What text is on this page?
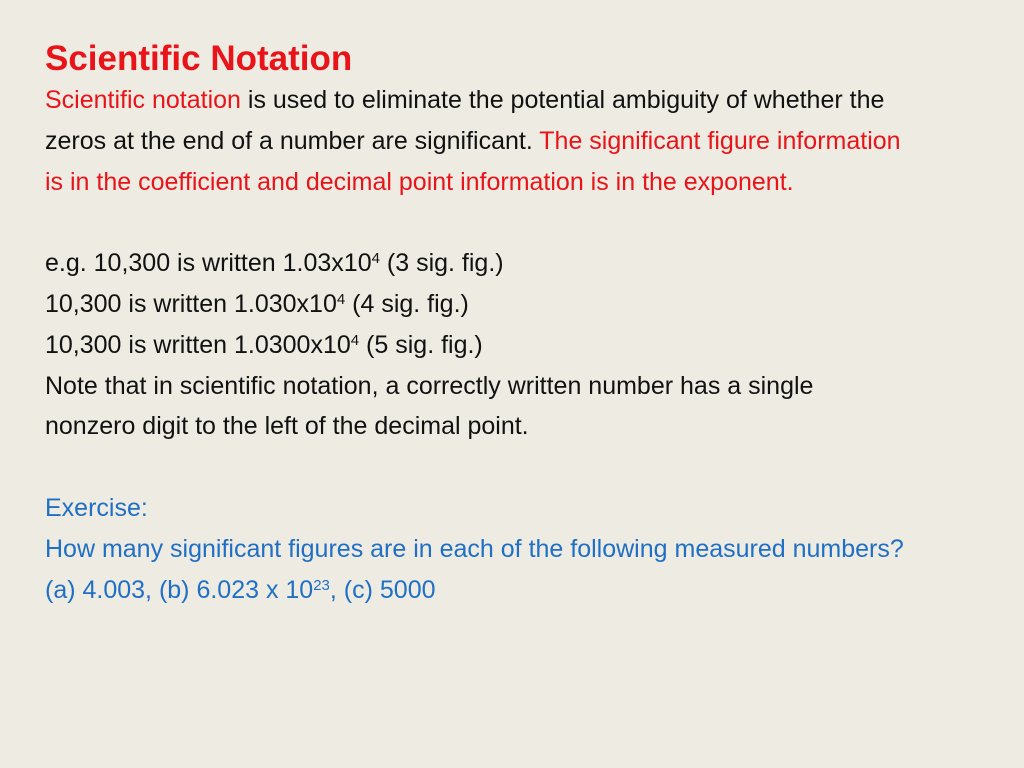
Scientific Notation

Scientific notation is used to eliminate the potential ambiguity of whether the zeros at the end of a number are significant. The significant figure information is in the coefficient and decimal point information is in the exponent.

e.g. 10,300 is written $1.03x10^4$ (3 sig. fig.)

10,300 is written $1.030x10^4$ (4 sig. fig.)

10,300 is written $1.0300x10^4$ (5 sig. fig.)

Note that in scientific notation, a correctly written number has a single nonzero digit to the left of the decimal point.

Exercise:

How many significant figures are in each of the following measured numbers? (a) 4.003, (b) 6.023 x $10^{23}$, (c) 5000
